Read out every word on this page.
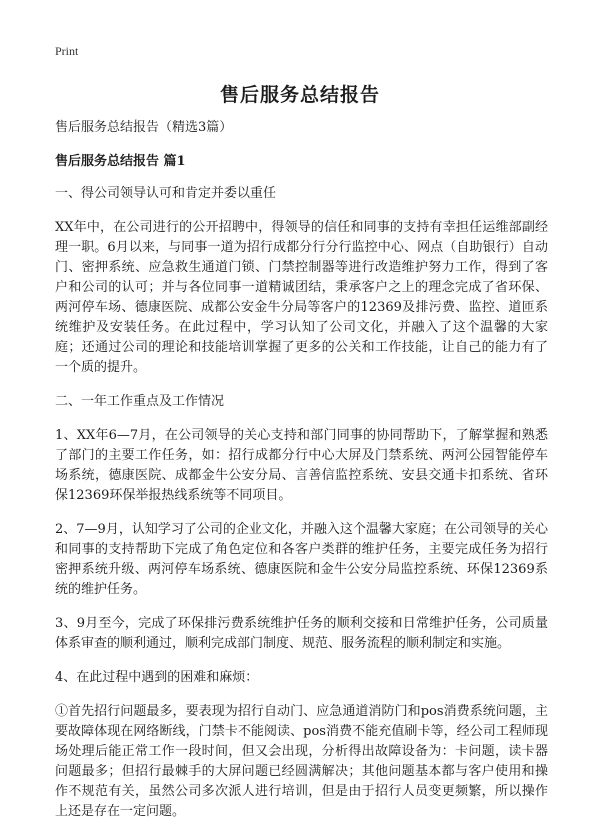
Print
售后服务总结报告

售后服务总结报告（精选3篇）

售后服务总结报告 篇1

一、得公司领导认可和肯定并委以重任

XX年中，在公司进行的公开招聘中，得领导的信任和同事的支持有幸担任运维部副经理一职。6月以来，与同事一道为招行成都分行分行监控中心、网点（自助银行）自动门、密押系统、应急救生通道门锁、门禁控制器等进行改造维护努力工作，得到了客户和公司的认可；并与各位同事一道精诚团结，秉承客户之上的理念完成了省环保、两河停车场、德康医院、成都公安金牛分局等客户的12369及排污费、监控、道匝系统维护及安装任务。在此过程中，学习认知了公司文化，并融入了这个温馨的大家庭；还通过公司的理论和技能培训掌握了更多的公关和工作技能，让自己的能力有了一个质的提升。

二、一年工作重点及工作情况

1、XX年6—7月，在公司领导的关心支持和部门同事的协同帮助下，了解掌握和熟悉了部门的主要工作任务，如：招行成都分行中心大屏及门禁系统、两河公园智能停车场系统，德康医院、成都金牛公安分局、言善信监控系统、安县交通卡扣系统、省环保12369环保举报热线系统等不同项目。

2、7—9月，认知学习了公司的企业文化，并融入这个温馨大家庭；在公司领导的关心和同事的支持帮助下完成了角色定位和各客户类群的维护任务，主要完成任务为招行密押系统升级、两河停车场系统、德康医院和金牛公安分局监控系统、环保12369系统的维护任务。

3、9月至今，完成了环保排污费系统维护任务的顺利交接和日常维护任务，公司质量体系审查的顺利通过，顺利完成部门制度、规范、服务流程的顺利制定和实施。

4、在此过程中遇到的困难和麻烦：

①首先招行问题最多，要表现为招行自动门、应急通道消防门和pos消费系统问题，主要故障体现在网络断线，门禁卡不能阅读、pos消费不能充值刷卡等，经公司工程师现场处理后能正常工作一段时间，但又会出现，分析得出故障设备为：卡问题，读卡器问题最多；但招行最棘手的大屏问题已经圆满解决；其他问题基本都与客户使用和操作不规范有关，虽然公司多次派人进行培训，但是由于招行人员变更频繁，所以操作上还是存在一定问题。
